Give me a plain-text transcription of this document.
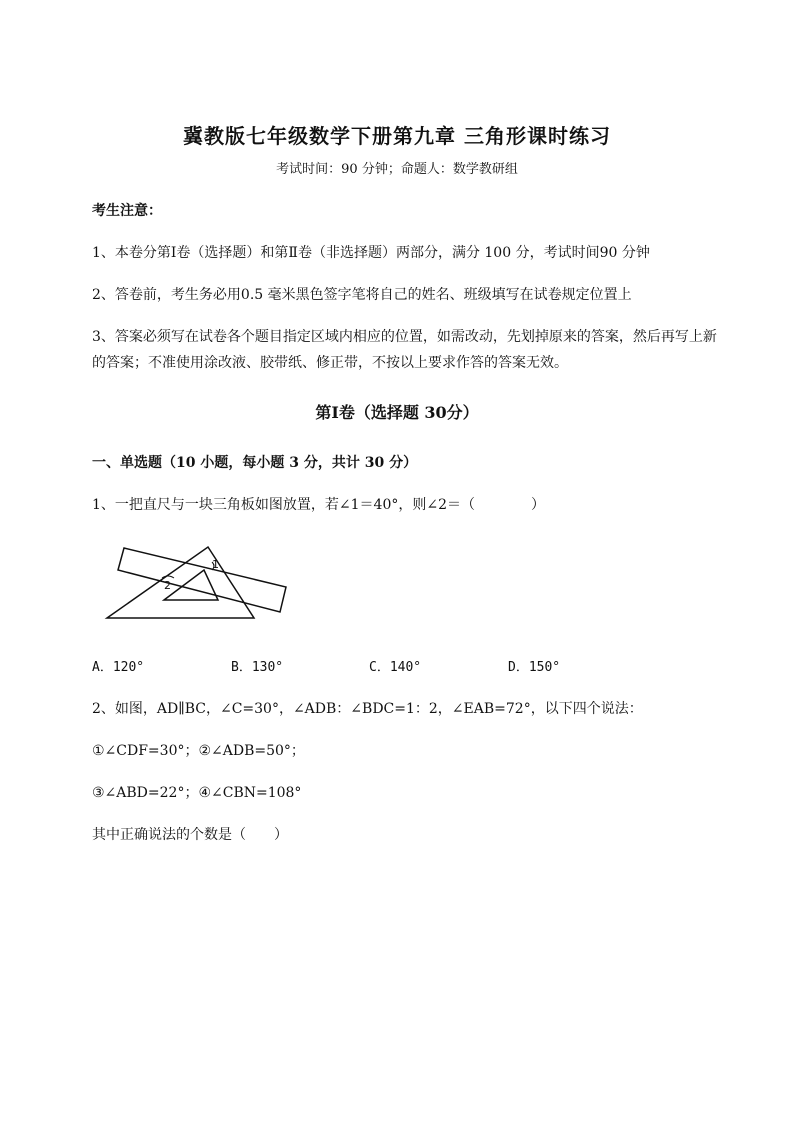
冀教版七年级数学下册第九章 三角形课时练习
考试时间：90 分钟；命题人：数学教研组
考生注意：
1、本卷分第Ⅰ卷（选择题）和第Ⅱ卷（非选择题）两部分，满分 100 分，考试时间90 分钟
2、答卷前，考生务必用0.5 毫米黑色签字笔将自己的姓名、班级填写在试卷规定位置上
3、答案必须写在试卷各个题目指定区域内相应的位置，如需改动，先划掉原来的答案，然后再写上新
的答案；不准使用涂改液、胶带纸、修正带，不按以上要求作答的答案无效。
第Ⅰ卷（选择题 30分）
一、单选题（10 小题，每小题 3 分，共计 30 分）
1、一把直尺与一块三角板如图放置，若∠1＝40°，则∠2＝（　　　　）
1
2
A．120°	B．130°	C．140°	D．150°
2、如图，AD∥BC，∠C=30°，∠ADB：∠BDC=1：2，∠EAB=72°，以下四个说法：
①∠CDF=30°；②∠ADB=50°；
③∠ABD=22°；④∠CBN=108°
其中正确说法的个数是（　　）
